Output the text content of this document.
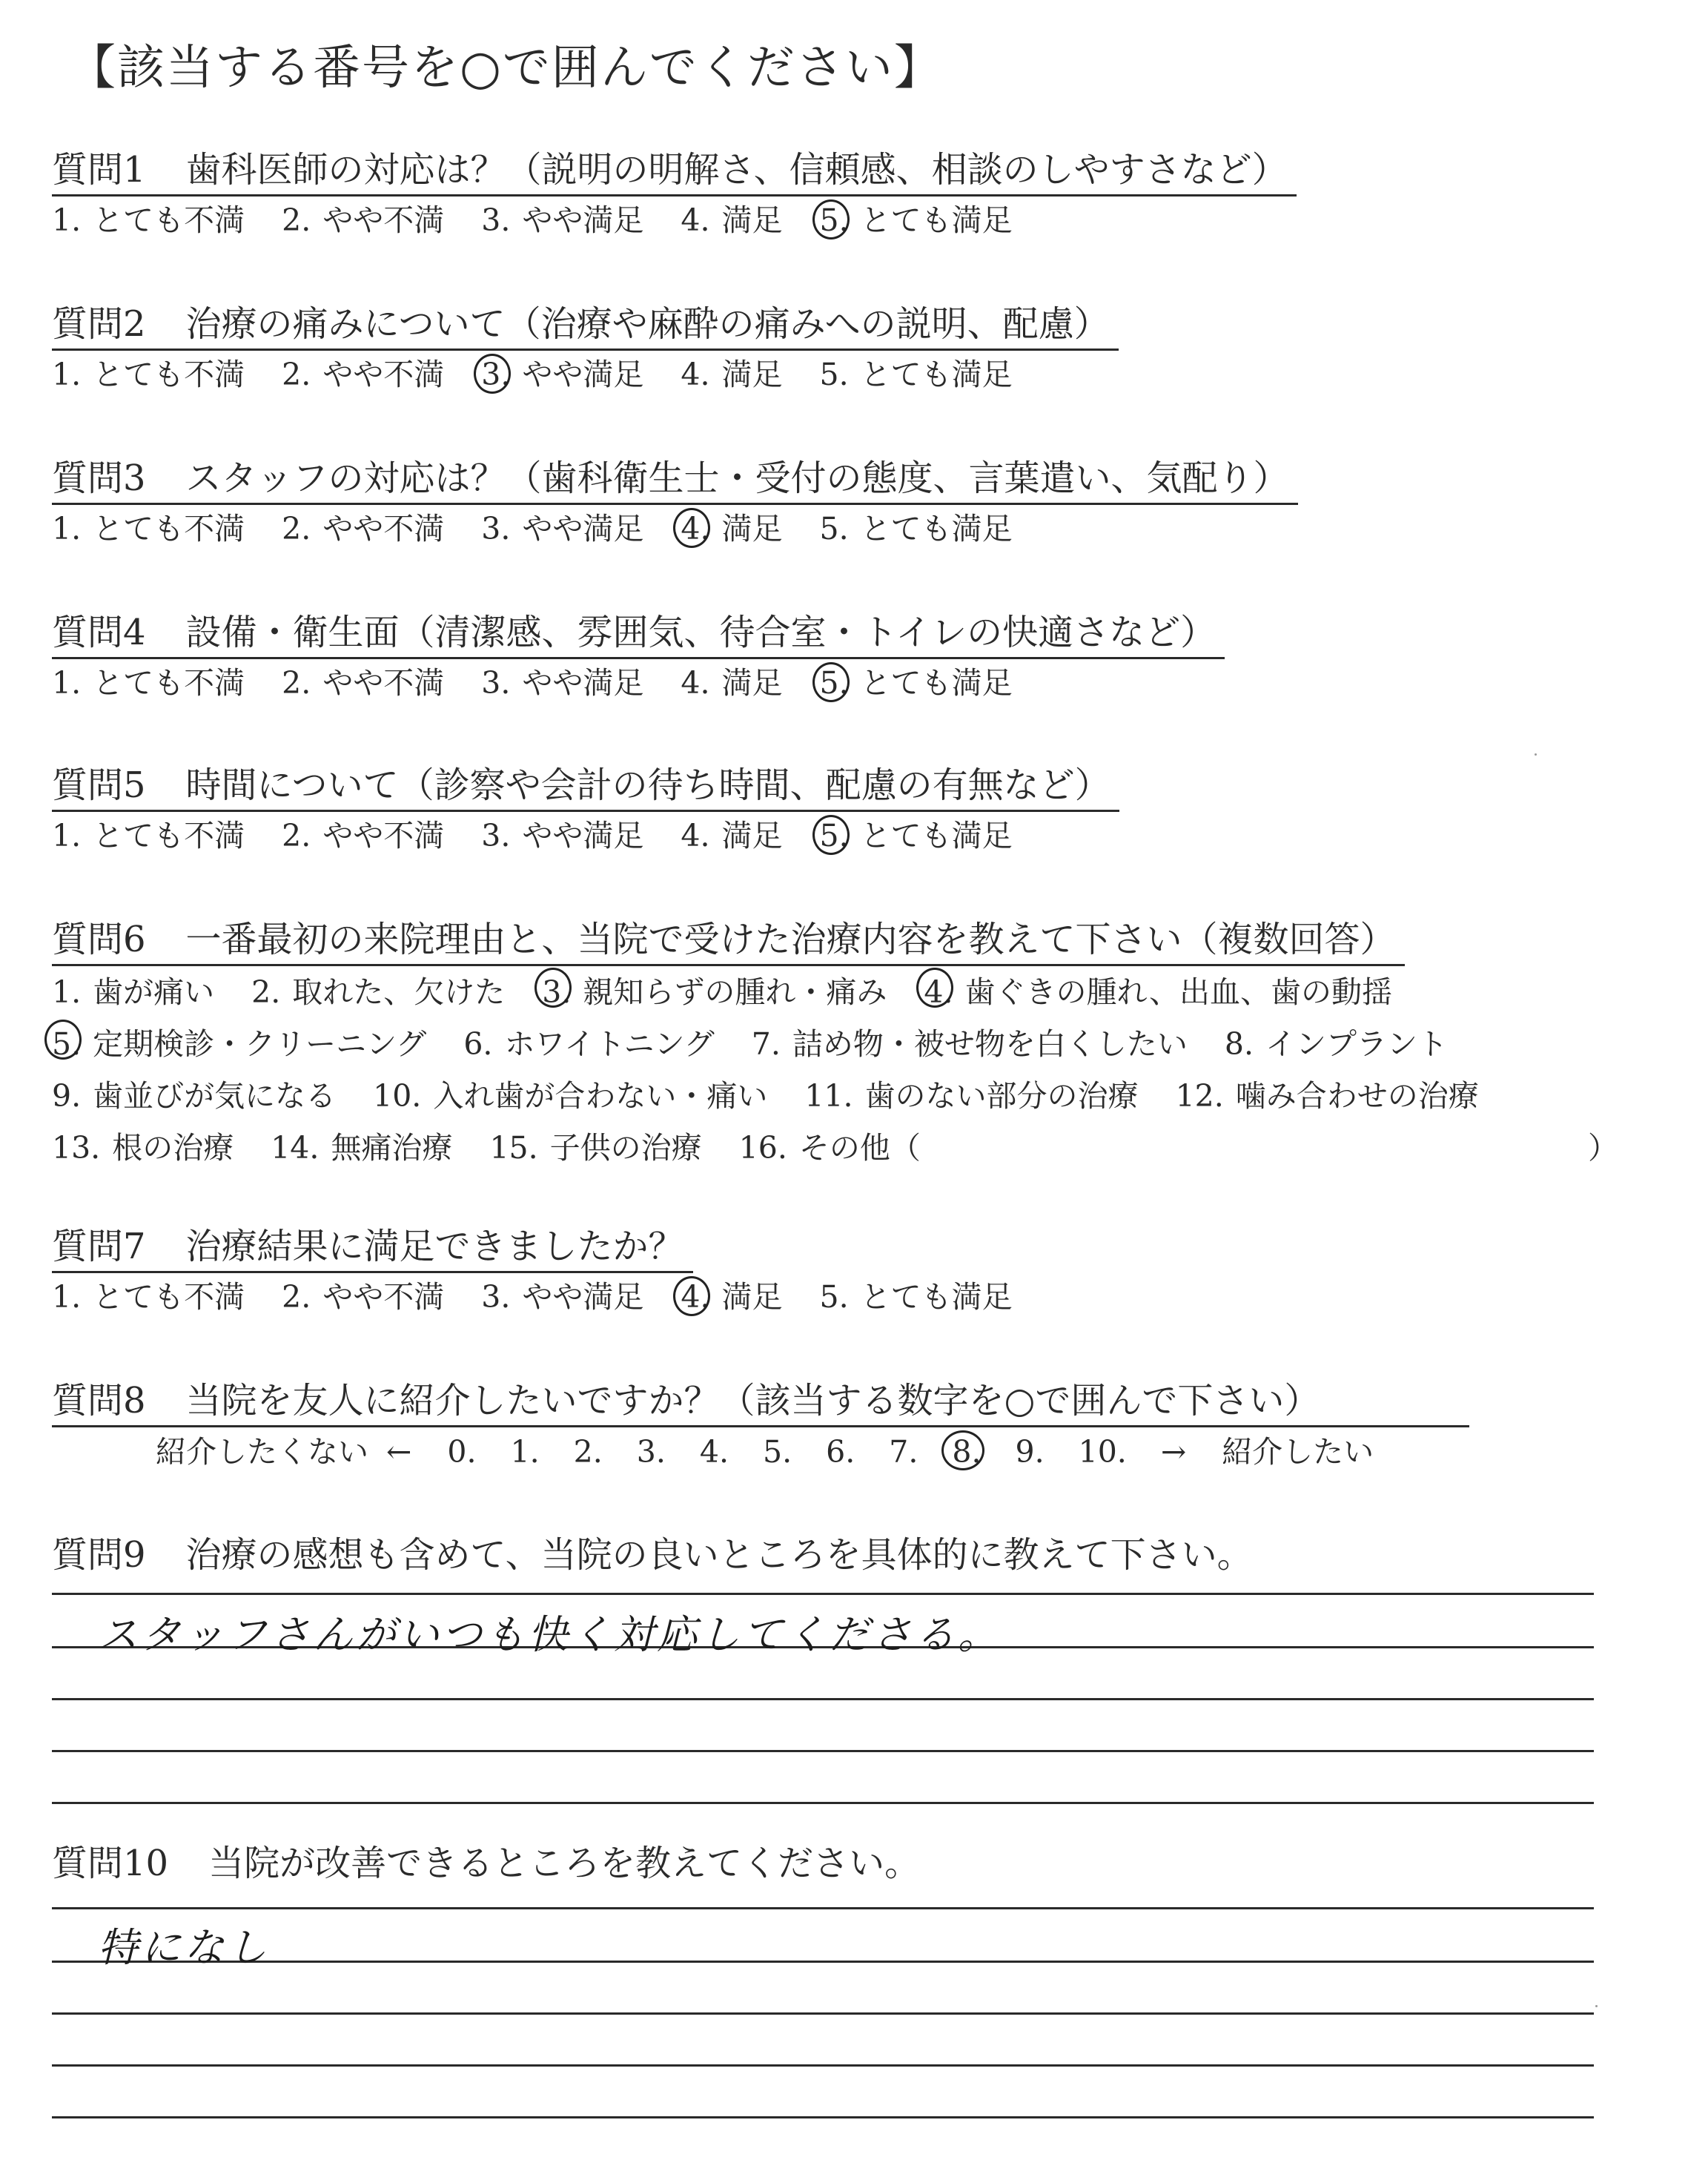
【該当する番号を○で囲んでください】
質問1 歯科医師の対応は？（説明の明解さ、信頼感、相談のしやすさなど）
1. とても不満 2. やや不満 3. やや満足 4. 満足 5. とても満足
質問2 治療の痛みについて（治療や麻酔の痛みへの説明、配慮）
1. とても不満 2. やや不満 3. やや満足 4. 満足 5. とても満足
質問3 スタッフの対応は？（歯科衛生士・受付の態度、言葉遣い、気配り）
1. とても不満 2. やや不満 3. やや満足 4. 満足 5. とても満足
質問4 設備・衛生面（清潔感、雰囲気、待合室・トイレの快適さなど）
1. とても不満 2. やや不満 3. やや満足 4. 満足 5. とても満足
質問5 時間について（診察や会計の待ち時間、配慮の有無など）
1. とても不満 2. やや不満 3. やや満足 4. 満足 5. とても満足
質問6 一番最初の来院理由と、当院で受けた治療内容を教えて下さい（複数回答）
1. 歯が痛い 2. 取れた、欠けた 3. 親知らずの腫れ・痛み 4. 歯ぐきの腫れ、出血、歯の動揺
5. 定期検診・クリーニング 6. ホワイトニング 7. 詰め物・被せ物を白くしたい 8. インプラント
9. 歯並びが気になる 10. 入れ歯が合わない・痛い 11. 歯のない部分の治療 12. 噛み合わせの治療
13. 根の治療 14. 無痛治療 15. 子供の治療 16. その他（	）
質問7 治療結果に満足できましたか？
1. とても不満 2. やや不満 3. やや満足 4. 満足 5. とても満足
質問8 当院を友人に紹介したいですか？（該当する数字を○で囲んで下さい）
紹介したくない ← 0. 1. 2. 3. 4. 5. 6. 7. 8. 9. 10. → 紹介したい
質問9 治療の感想も含めて、当院の良いところを具体的に教えて下さい。
スタッフさんがいつも快く対応してくださる。
質問10 当院が改善できるところを教えてください。
特になし
